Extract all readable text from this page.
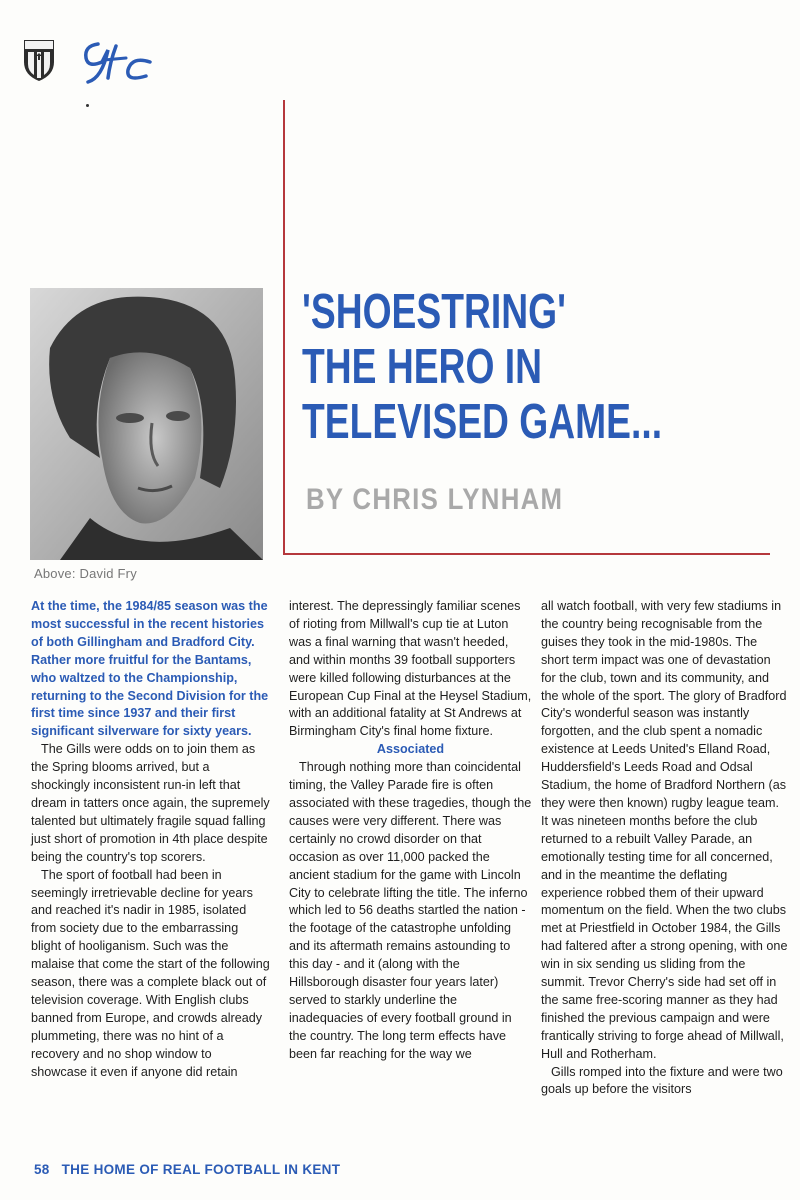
Above: David Fry
'SHOESTRING'
THE HERO IN
TELEVISED GAME...
BY CHRIS LYNHAM

At the time, the 1984/85 season was the most successful in the recent histories of both Gillingham and Bradford City. Rather more fruitful for the Bantams, who waltzed to the Championship, returning to the Second Division for the first time since 1937 and their first significant silverware for sixty years.

The Gills were odds on to join them as the Spring blooms arrived, but a shockingly inconsistent run-in left that dream in tatters once again, the supremely talented but ultimately fragile squad falling just short of promotion in 4th place despite being the country's top scorers.

The sport of football had been in seemingly irretrievable decline for years and reached it's nadir in 1985, isolated from society due to the embarrassing blight of hooliganism. Such was the malaise that come the start of the following season, there was a complete black out of television coverage. With English clubs banned from Europe, and crowds already plummeting, there was no hint of a recovery and no shop window to showcase it even if anyone did retain

interest. The depressingly familiar scenes of rioting from Millwall's cup tie at Luton was a final warning that wasn't heeded, and within months 39 football supporters were killed following disturbances at the European Cup Final at the Heysel Stadium, with an additional fatality at St Andrews at Birmingham City's final home fixture.

Associated

Through nothing more than coincidental timing, the Valley Parade fire is often associated with these tragedies, though the causes were very different. There was certainly no crowd disorder on that occasion as over 11,000 packed the ancient stadium for the game with Lincoln City to celebrate lifting the title. The inferno which led to 56 deaths startled the nation - the footage of the catastrophe unfolding and its aftermath remains astounding to this day - and it (along with the Hillsborough disaster four years later) served to starkly underline the inadequacies of every football ground in the country. The long term effects have been far reaching for the way we

all watch football, with very few stadiums in the country being recognisable from the guises they took in the mid-1980s. The short term impact was one of devastation for the club, town and its community, and the whole of the sport. The glory of Bradford City's wonderful season was instantly forgotten, and the club spent a nomadic existence at Leeds United's Elland Road, Huddersfield's Leeds Road and Odsal Stadium, the home of Bradford Northern (as they were then known) rugby league team. It was nineteen months before the club returned to a rebuilt Valley Parade, an emotionally testing time for all concerned, and in the meantime the deflating experience robbed them of their upward momentum on the field. When the two clubs met at Priestfield in October 1984, the Gills had faltered after a strong opening, with one win in six sending us sliding from the summit. Trevor Cherry's side had set off in the same free-scoring manner as they had finished the previous campaign and were frantically striving to forge ahead of Millwall, Hull and Rotherham.

Gills romped into the fixture and were two goals up before the visitors

58 THE HOME OF REAL FOOTBALL IN KENT
